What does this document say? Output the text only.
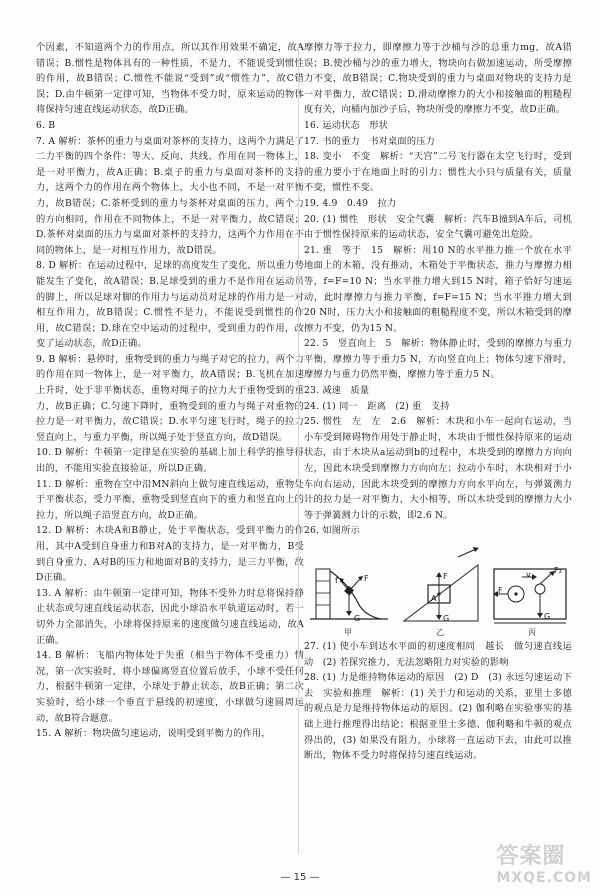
个因素，不知道两个力的作用点，所以其作用效果不确定，故A错误；B.惯性是物体具有的一种性质，不是力，不能说受到惯性的作用，故B错误；C.惯性不能说“受到”或“惯性力”，故C错误；D.由牛顿第一定律可知，当物体不受力时，原来运动的物体将保持匀速直线运动状态，故D正确。

6. B

7. A 解析：茶杯的重力与桌面对茶杯的支持力，这两个力满足了二力平衡的四个条件：等大、反向、共线、作用在同一物体上，是一对平衡力，故A正确；B.桌子的重力与桌面对茶杯的支持力，这两个力的作用在两个物体上，大小也不同，不是一对平衡力，故B错误；C.茶杯受到的重力与茶杯对桌面的压力，两个力的方向相同，作用在不同物体上，不是一对平衡力，故C错误；D.茶杯对桌面的压力与桌面对茶杯的支持力，这两个力作用在不同的物体上，是一对相互作用力，故D错误。

8. D 解析：在运动过程中，足球的高度发生了变化，所以重力势能发生了变化，故A错误；B.足球受到的重力不是作用在运动员的脚上，所以足球对脚的作用力与运动员对足球的作用力是一对相互作用力，故B错误；C.惯性不是力，不能说受到惯性的作用，故C错误；D.球在空中运动的过程中，受到重力的作用，改变了运动状态，故D正确。

9. B 解析：悬停时，重物受到的重力与绳子对它的拉力，两个力的作用在同一物体上，是一对平衡力，故A错误；B.飞机在加速上升时，处于非平衡状态，重物对绳子的拉力大于重物受到的重力，故B正确；C.匀速下降时，重物受到的重力与绳子对重物的拉力是一对平衡力，故C错误；D.水平匀速飞行时，绳子的拉力竖直向上，与重力平衡，所以绳子处于竖直方向，故D错误。

10. D 解析：牛顿第一定律是在实验的基础上加上科学的推导得出的，不能用实验直接验证，所以D正确。

11. D 解析：重物在空中沿MN斜向上做匀速直线运动，重物处于平衡状态，受力平衡，重物受到竖直向下的重力和竖直向上的拉力，所以绳子沿竖直方向，故D正确。

12. D 解析：木块A和B静止，处于平衡状态，受到平衡力的作用，其中A受到自身重力和B对A的支持力，是一对平衡力，B受到自身重力、A对B的压力和地面对B的支持力，是三力平衡，故D正确。

13. A 解析：由牛顿第一定律可知，物体不受外力时总将保持静止状态或匀速直线运动状态，因此小球沿水平轨道运动时，若一切外力全部消失，小球将保持原来的速度做匀速直线运动，故A正确。

14. B 解析：飞船内物体处于失重（相当于物体不受重力）情况，第一次实验时，将小球偏离竖直位置后放手，小球不受任何力，根据牛顿第一定律，小球处于静止状态，故B正确；第二次实验时，给小球一个垂直于悬线的初速度，小球做匀速圆周运动，故B符合题意。

15. A 解析：物块做匀速运动，说明受到平衡力的作用，

摩擦力等于拉力，即摩擦力等于沙桶与沙的总重力mg，故A错误；B.使沙桶与沙的重力增大，物块向右做加速运动，所受摩擦力不变，故B错误；C.物块受到的重力与桌面对物块的支持力是一对平衡力，故C错误；D.滑动摩擦力的大小和接触面的粗糙程度有关，向桶内加沙子后，物块所受的摩擦力不变，故D正确。

16. 运动状态　形状

17. 书的重力　书对桌面的压力

18. 变小　不变　解析：“天宫”二号飞行器在太空飞行时，受到的重力要小于在地面上时的引力；惯性大小只与质量有关，质量不变，惯性不变。

19. 4.9　0.49　拉力

20. (1) 惯性　形状　安全气囊　解析：汽车B撞到A车后，司机由于惯性保持原来的运动状态，安全气囊可避免出危险。

21. 重　等于　15　解析：用10 N的水平推力推一个放在水平地面上的木箱，没有推动，木箱处于平衡状态，推力与摩擦力相等，f=F=10 N；当水平推力增大到15 N时，箱子恰好匀速运动，此时摩擦力与推力平衡，f=F=15 N；当水平推力增大到20 N时，压力大小和接触面的粗糙程度不变，所以木箱受到的摩擦力不变，仍为15 N。

22. 5　竖直向上　5　解析：物体静止时，受到的摩擦力与重力平衡，摩擦力等于重力5 N，方向竖直向上；物体匀速下滑时，摩擦力与重力仍然平衡，摩擦力等于重力5 N。

23. 减速　质量

24. (1) 同一　距离　(2) 重　支持

25. 惯性　左　左　2.6　解析：木块和小车一起向右运动，当小车受到障碍物作用处于静止时，木块由于惯性保持原来的运动状态，由于木块从a运动到b的过程中，木块受到的摩擦力方向向左，因此木块受到摩擦力方向向左；拉动小车时，木块相对于小车向右运动，因此木块受到的摩擦力方向水平向左，与弹簧测力计的拉力是一对平衡力，大小相等，所以木块受到的摩擦力大小等于弹簧测力计的示数，即2.6 N。

26. 如图所示

甲	乙	丙
G
F
f
A
F
G	G
F
F₂
v

27. (1) 使小车到达水平面的初速度相同　越长　做匀速直线运动　(2) 若探究推力，无法忽略阻力对实验的影响

28. (1) 力是维持物体运动的原因　(2) D　(3) 永远匀速运动下去　实验和推理　解析：(1) 关于力和运动的关系，亚里士多德的观点是力是维持物体运动的原因。(2) 伽利略在实验事实的基础上进行推理得出结论；根据亚里士多德、伽利略和牛顿的观点得出的，(3) 如果没有阻力，小球将一直运动下去，由此可以推断出，物体不受力时将保持匀速直线运动。

— 15 —
答案圈
MXQE.COM
